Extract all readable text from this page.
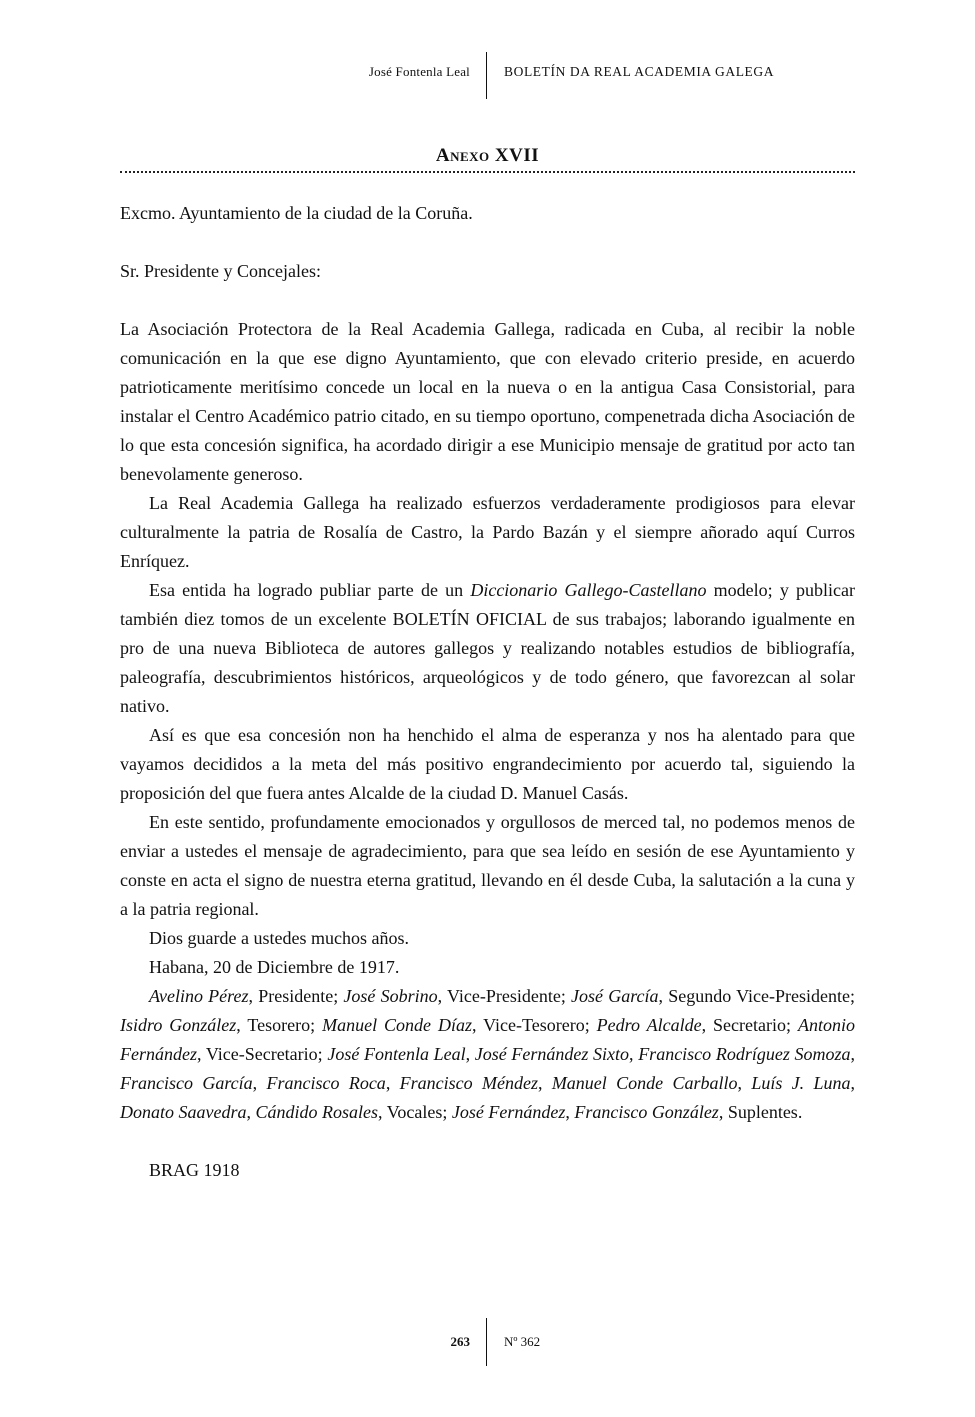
José Fontenla Leal	BOLETÍN DA REAL ACADEMIA GALEGA
Anexo XVII

Excmo. Ayuntamiento de la ciudad de la Coruña.

Sr. Presidente y Concejales:

La Asociación Protectora de la Real Academia Gallega, radicada en Cuba, al recibir la noble comunicación en la que ese digno Ayuntamiento, que con elevado criterio preside, en acuerdo patrioticamente meritísimo concede un local en la nueva o en la antigua Casa Consistorial, para instalar el Centro Académico patrio citado, en su tiempo oportuno, compenetrada dicha Asociación de lo que esta concesión significa, ha acordado dirigir a ese Municipio mensaje de gratitud por acto tan benevolamente generoso.

La Real Academia Gallega ha realizado esfuerzos verdaderamente prodigiosos para elevar culturalmente la patria de Rosalía de Castro, la Pardo Bazán y el siempre añorado aquí Curros Enríquez.

Esa entida ha logrado publiar parte de un Diccionario Gallego-Castellano modelo; y publicar también diez tomos de un excelente BOLETÍN OFICIAL de sus trabajos; laborando igualmente en pro de una nueva Biblioteca de autores gallegos y realizando notables estudios de bibliografía, paleografía, descubrimientos históricos, arqueológicos y de todo género, que favorezcan al solar nativo.

Así es que esa concesión non ha henchido el alma de esperanza y nos ha alentado para que vayamos decididos a la meta del más positivo engrandecimiento por acuerdo tal, siguiendo la proposición del que fuera antes Alcalde de la ciudad D. Manuel Casás.

En este sentido, profundamente emocionados y orgullosos de merced tal, no podemos menos de enviar a ustedes el mensaje de agradecimiento, para que sea leído en sesión de ese Ayuntamiento y conste en acta el signo de nuestra eterna gratitud, llevando en él desde Cuba, la salutación a la cuna y a la patria regional.

Dios guarde a ustedes muchos años.

Habana, 20 de Diciembre de 1917.

Avelino Pérez, Presidente; José Sobrino, Vice-Presidente; José García, Segundo Vice-Presidente; Isidro González, Tesorero; Manuel Conde Díaz, Vice-Tesorero; Pedro Alcalde, Secretario; Antonio Fernández, Vice-Secretario; José Fontenla Leal, José Fernández Sixto, Francisco Rodríguez Somoza, Francisco García, Francisco Roca, Francisco Méndez, Manuel Conde Carballo, Luís J. Luna, Donato Saavedra, Cándido Rosales, Vocales; José Fernández, Francisco González, Suplentes.

BRAG 1918

263	Nº 362
